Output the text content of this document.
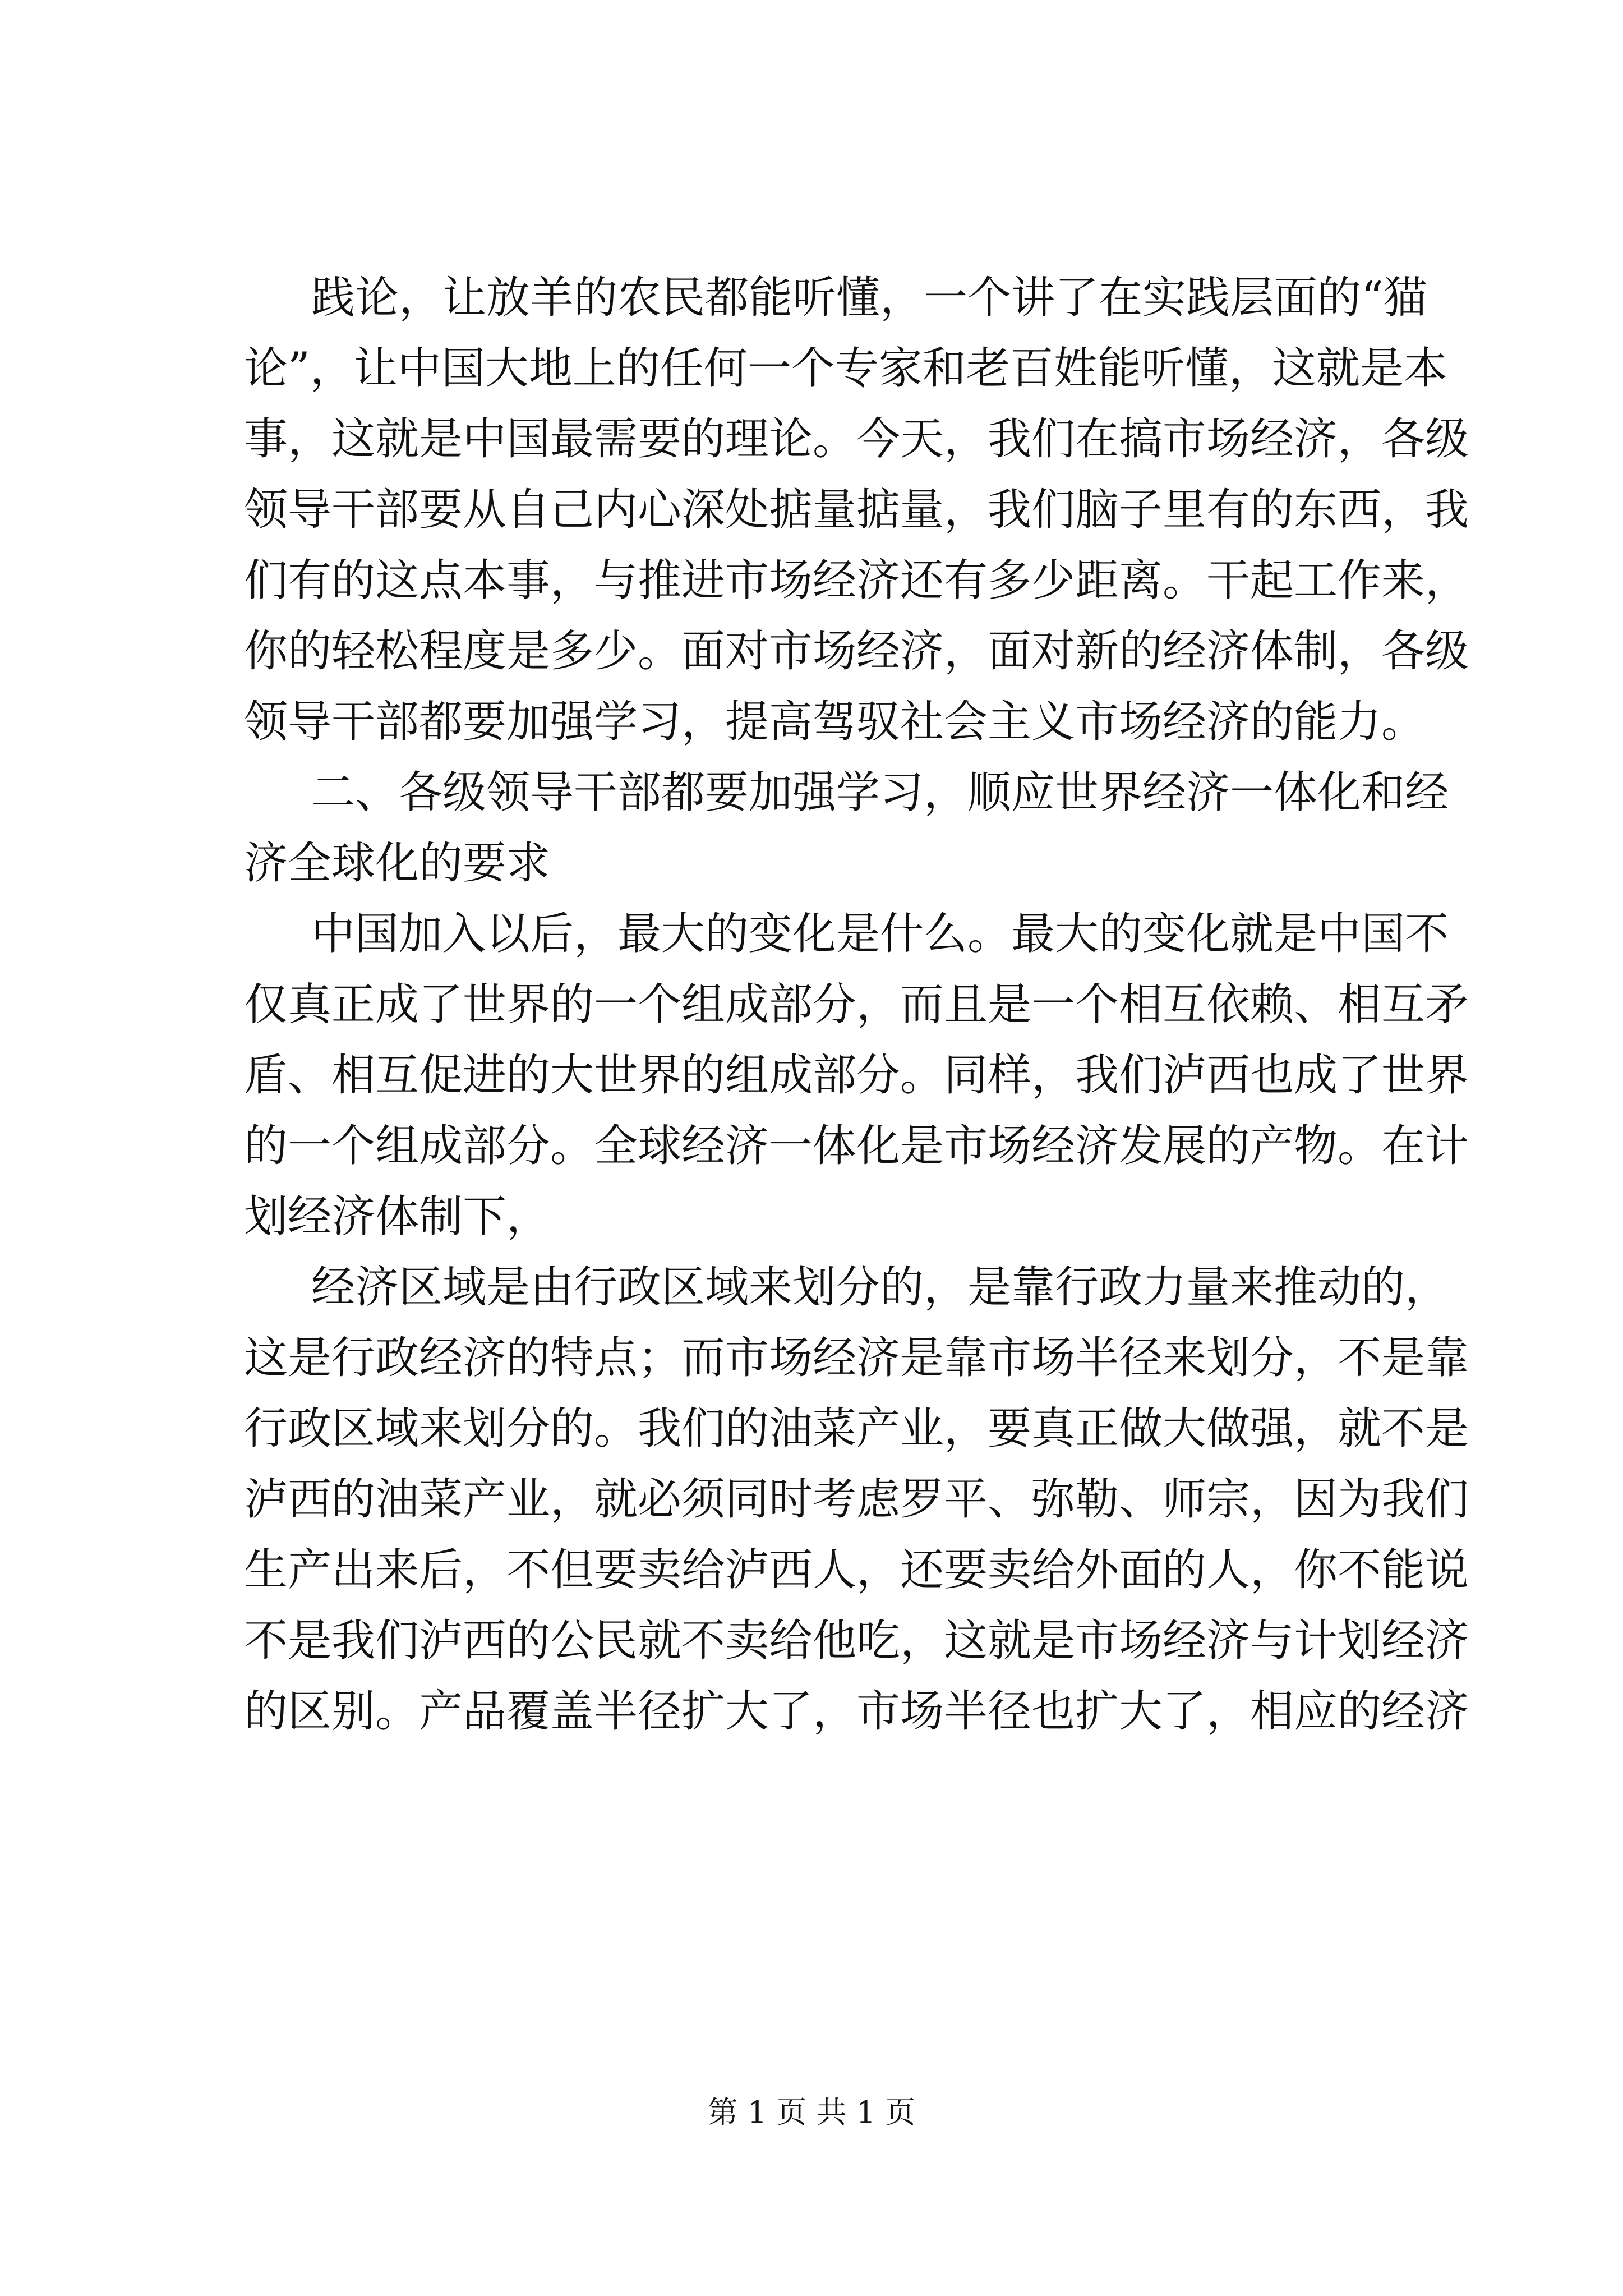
践论，让放羊的农民都能听懂，一个讲了在实践层面的“猫
论”，让中国大地上的任何一个专家和老百姓能听懂，这就是本
事，这就是中国最需要的理论。今天，我们在搞市场经济，各级
领导干部要从自己内心深处掂量掂量，我们脑子里有的东西，我
们有的这点本事，与推进市场经济还有多少距离。干起工作来，
你的轻松程度是多少。面对市场经济，面对新的经济体制，各级
领导干部都要加强学习，提高驾驭社会主义市场经济的能力。
二、各级领导干部都要加强学习，顺应世界经济一体化和经
济全球化的要求
中国加入以后，最大的变化是什么。最大的变化就是中国不
仅真正成了世界的一个组成部分，而且是一个相互依赖、相互矛
盾、相互促进的大世界的组成部分。同样，我们泸西也成了世界
的一个组成部分。全球经济一体化是市场经济发展的产物。在计
划经济体制下，
经济区域是由行政区域来划分的，是靠行政力量来推动的，
这是行政经济的特点；而市场经济是靠市场半径来划分，不是靠
行政区域来划分的。我们的油菜产业，要真正做大做强，就不是
泸西的油菜产业，就必须同时考虑罗平、弥勒、师宗，因为我们
生产出来后，不但要卖给泸西人，还要卖给外面的人，你不能说
不是我们泸西的公民就不卖给他吃，这就是市场经济与计划经济
的区别。产品覆盖半径扩大了，市场半径也扩大了，相应的经济
第 1 页 共 1 页
